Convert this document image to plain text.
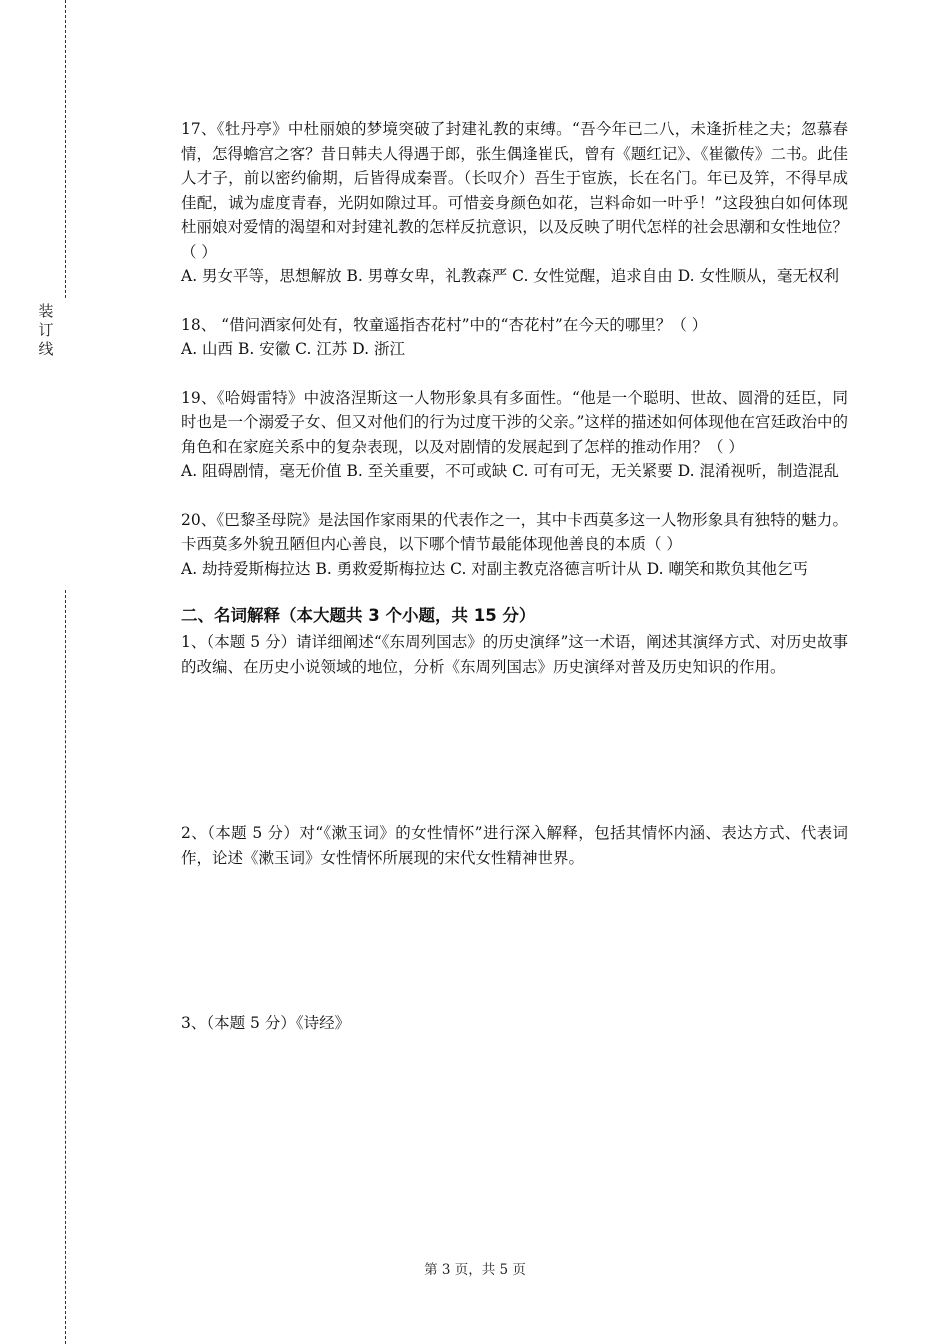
装
订
线

17、《牡丹亭》中杜丽娘的梦境突破了封建礼教的束缚。“吾今年已二八，未逢折桂之夫；忽慕春情，怎得蟾宫之客？昔日韩夫人得遇于郎，张生偶逢崔氏，曾有《题红记》、《崔徽传》二书。此佳人才子，前以密约偷期，后皆得成秦晋。（长叹介）吾生于宦族，长在名门。年已及笄，不得早成佳配，诚为虚度青春，光阴如隙过耳。可惜妾身颜色如花，岂料命如一叶乎！”这段独白如何体现杜丽娘对爱情的渴望和对封建礼教的怎样反抗意识，以及反映了明代怎样的社会思潮和女性地位？（ ）

A. 男女平等，思想解放 B. 男尊女卑，礼教森严 C. 女性觉醒，追求自由 D. 女性顺从，毫无权利

18、 “借问酒家何处有，牧童遥指杏花村”中的“杏花村”在今天的哪里？（ ）

A. 山西 B. 安徽 C. 江苏 D. 浙江

19、《哈姆雷特》中波洛涅斯这一人物形象具有多面性。“他是一个聪明、世故、圆滑的廷臣，同时也是一个溺爱子女、但又对他们的行为过度干涉的父亲。”这样的描述如何体现他在宫廷政治中的角色和在家庭关系中的复杂表现，以及对剧情的发展起到了怎样的推动作用？（ ）

A. 阻碍剧情，毫无价值 B. 至关重要，不可或缺 C. 可有可无，无关紧要 D. 混淆视听，制造混乱

20、《巴黎圣母院》是法国作家雨果的代表作之一，其中卡西莫多这一人物形象具有独特的魅力。卡西莫多外貌丑陋但内心善良，以下哪个情节最能体现他善良的本质（ ）

A. 劫持爱斯梅拉达 B. 勇救爱斯梅拉达 C. 对副主教克洛德言听计从 D. 嘲笑和欺负其他乞丐

二、名词解释（本大题共 3 个小题，共 15 分）

1、（本题 5 分）请详细阐述“《东周列国志》的历史演绎”这一术语，阐述其演绎方式、对历史故事的改编、在历史小说领域的地位，分析《东周列国志》历史演绎对普及历史知识的作用。

2、（本题 5 分）对“《漱玉词》的女性情怀”进行深入解释，包括其情怀内涵、表达方式、代表词作，论述《漱玉词》女性情怀所展现的宋代女性精神世界。

3、（本题 5 分）《诗经》

第 3 页，共 5 页
